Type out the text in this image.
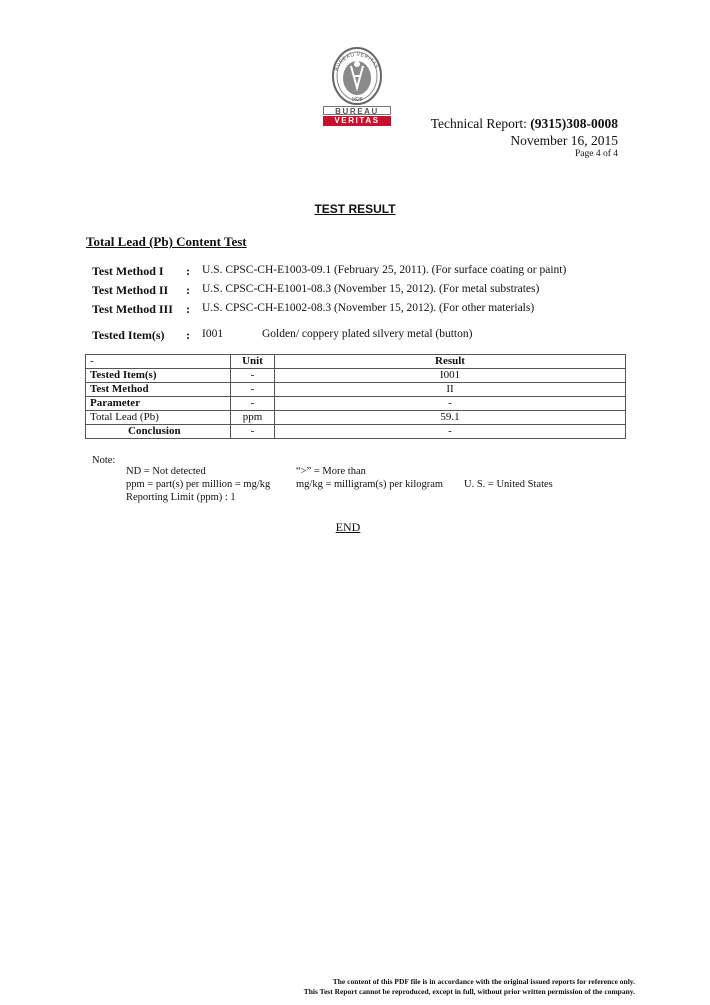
BUREAU VERITAS
1828
BUREAU
VERITAS	Technical Report: (9315)308-0008
November 16, 2015
Page 4 of 4
TEST RESULT
Total Lead (Pb) Content Test
Test Method I : U.S. CPSC-CH-E1003-09.1 (February 25, 2011). (For surface coating or paint)
Test Method II : U.S. CPSC-CH-E1001-08.3 (November 15, 2012). (For metal substrates)
Test Method III : U.S. CPSC-CH-E1002-08.3 (November 15, 2012). (For other materials)
Tested Item(s) : I001	Golden/ coppery plated silvery metal (button)
-	Unit	Result
Tested Item(s)	-	I001
Test Method	-	II
Parameter	-	-
Total Lead (Pb)	ppm	59.1
Conclusion	-	-
Note:
ND = Not detected	“>” = More than
ppm = part(s) per million = mg/kg mg/kg = milligram(s) per kilogram U. S. = United States
Reporting Limit (ppm) : 1
END
The content of this PDF file is in accordance with the original issued reports for reference only.
This Test Report cannot be reproduced, except in full, without prior written permission of the company.
